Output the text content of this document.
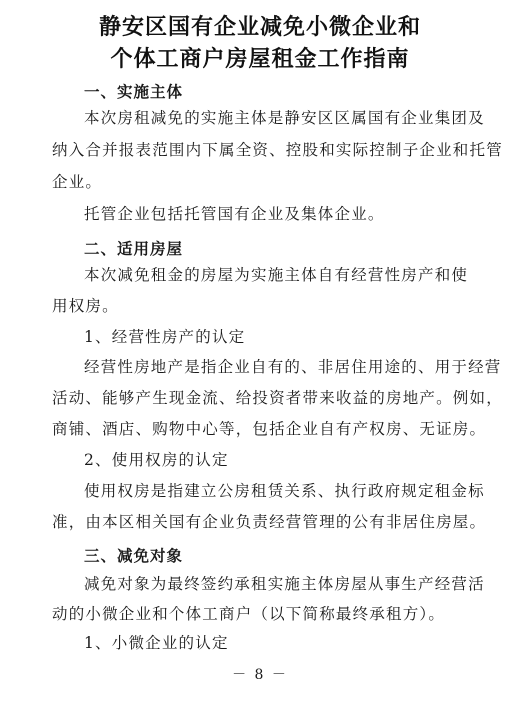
静安区国有企业减免小微企业和
个体工商户房屋租金工作指南
一、实施主体
本次房租减免的实施主体是静安区区属国有企业集团及
纳入合并报表范围内下属全资、控股和实际控制子企业和托管
企业。
托管企业包括托管国有企业及集体企业。
二、适用房屋
本次减免租金的房屋为实施主体自有经营性房产和使
用权房。
1、经营性房产的认定
经营性房地产是指企业自有的、非居住用途的、用于经营
活动、能够产生现金流、给投资者带来收益的房地产。例如，
商铺、酒店、购物中心等，包括企业自有产权房、无证房。
2、使用权房的认定
使用权房是指建立公房租赁关系、执行政府规定租金标
准，由本区相关国有企业负责经营管理的公有非居住房屋。
三、减免对象
减免对象为最终签约承租实施主体房屋从事生产经营活
动的小微企业和个体工商户（以下简称最终承租方）。
1、小微企业的认定
－ 8 －
